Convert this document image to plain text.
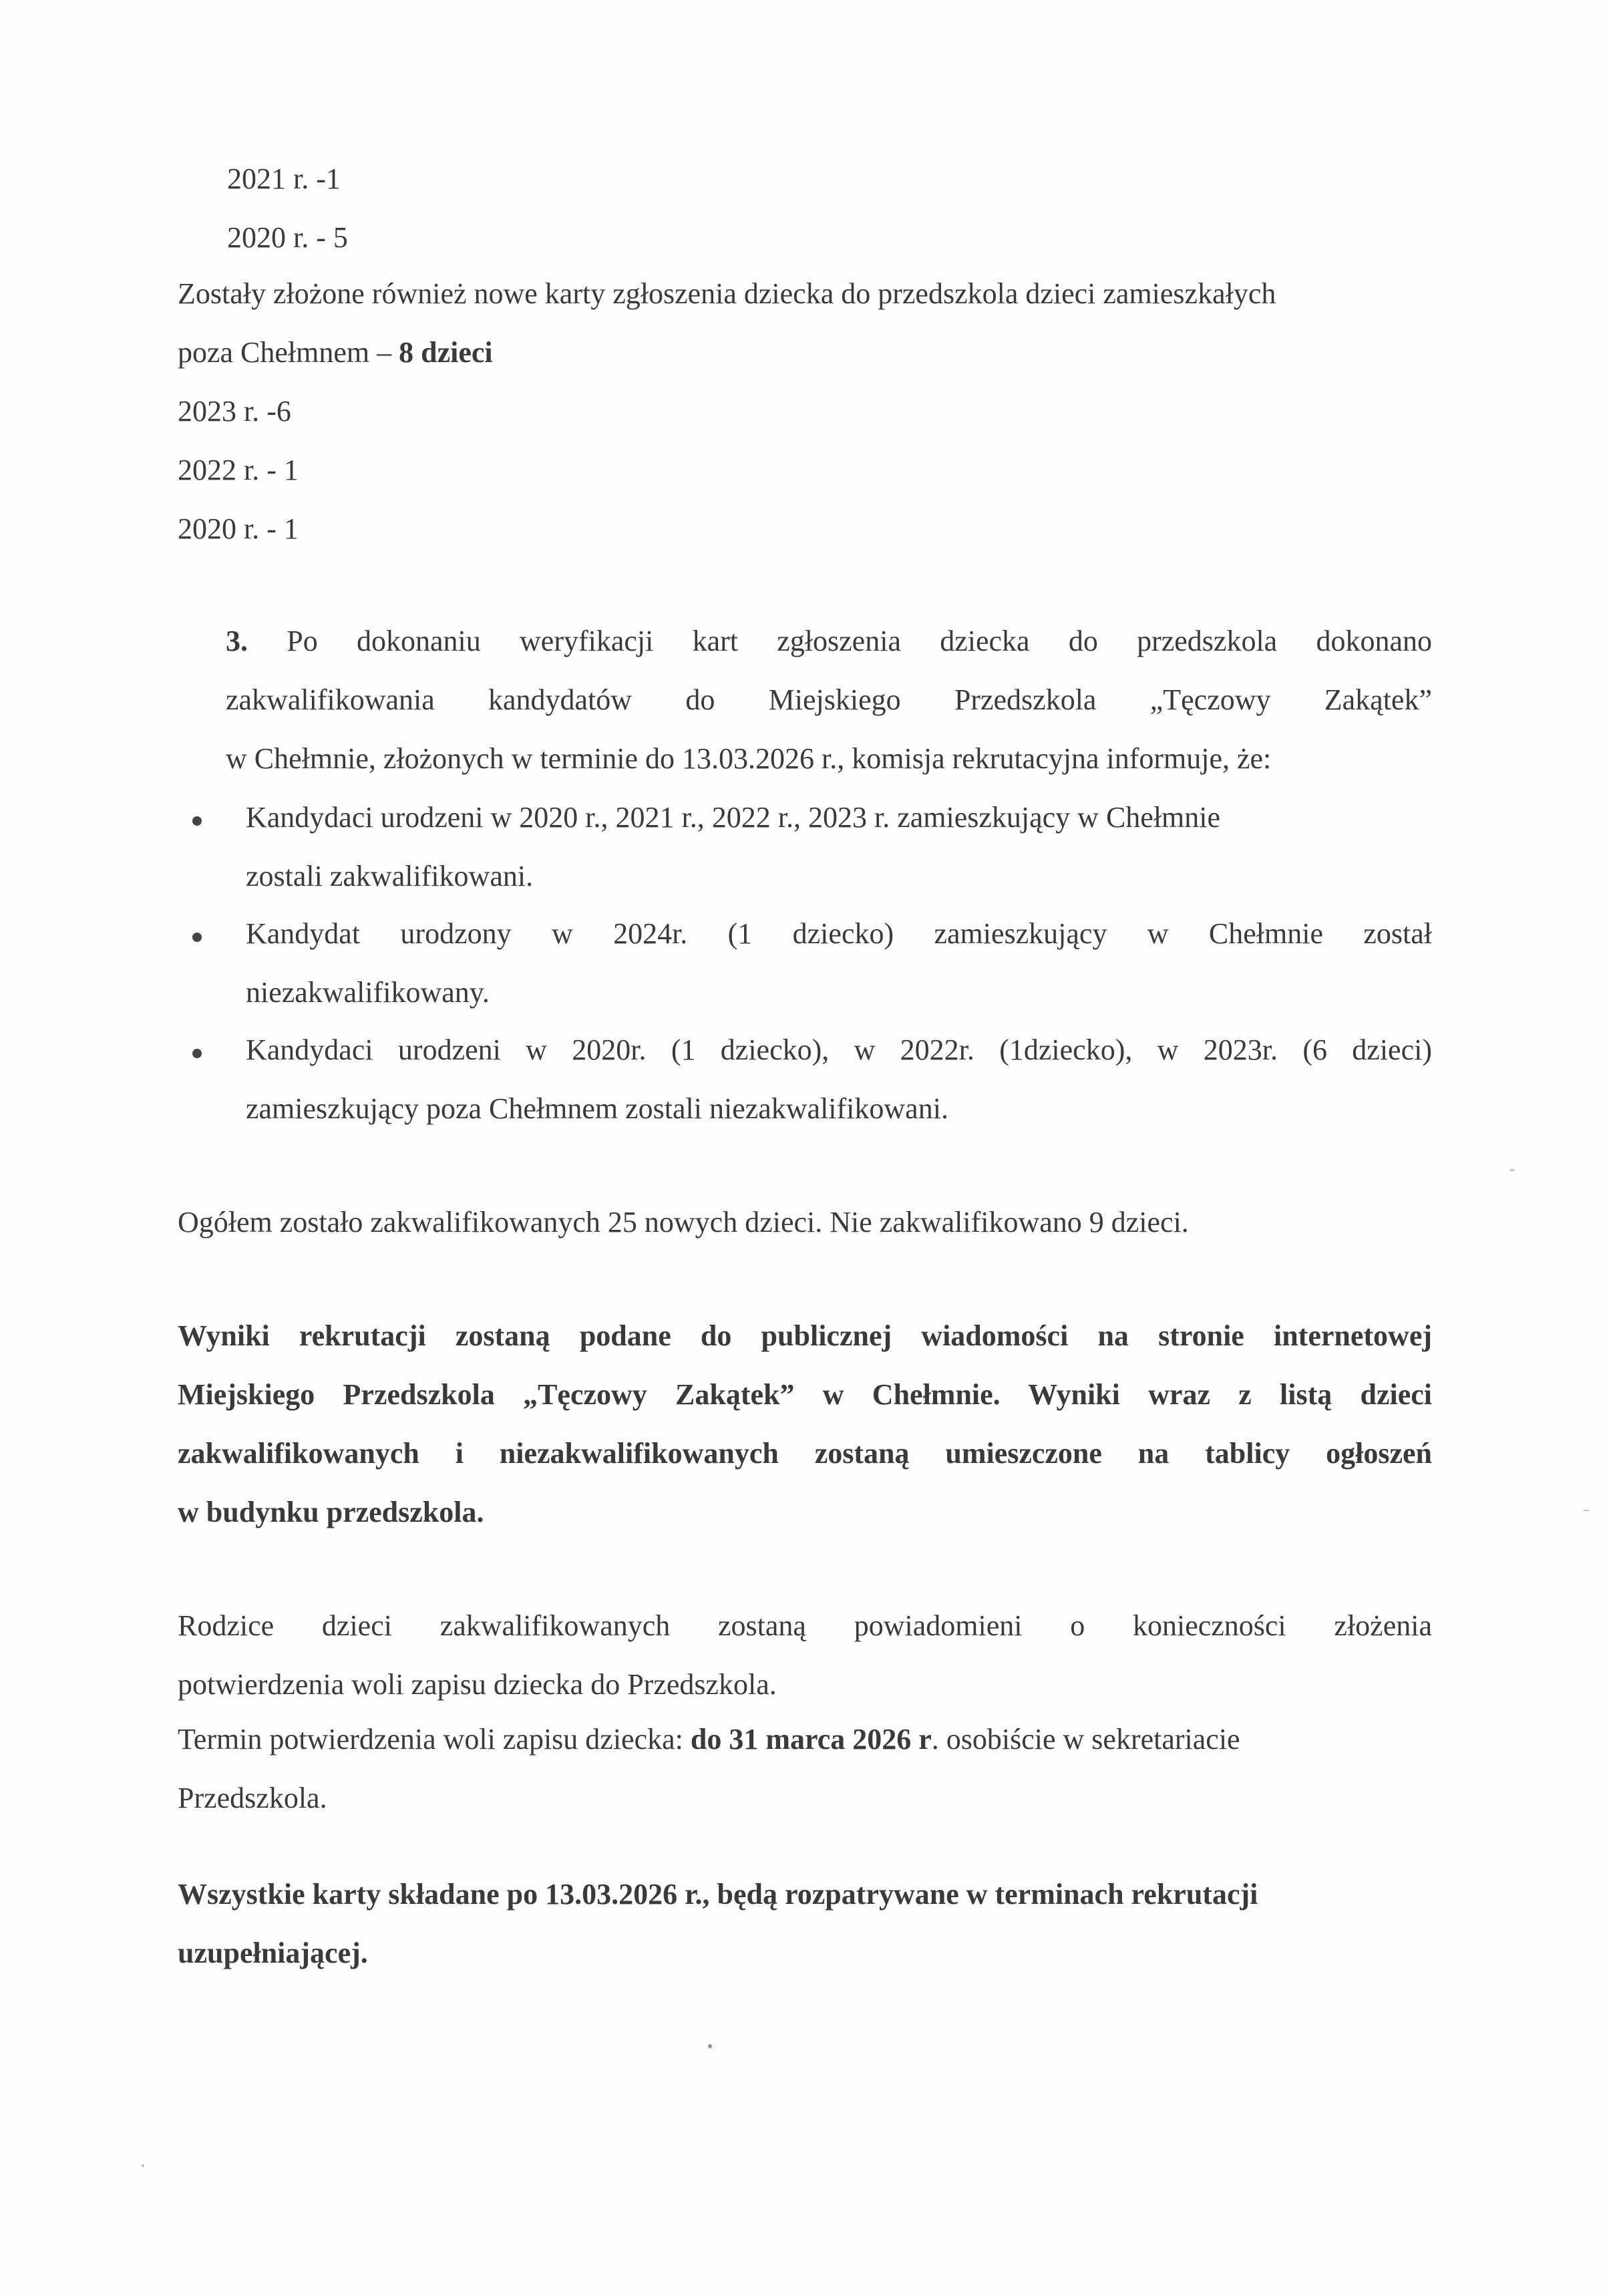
2021 r. -1
2020 r. - 5
Zostały złożone również nowe karty zgłoszenia dziecka do przedszkola dzieci zamieszkałych
poza Chełmnem – 8 dzieci
2023 r. -6
2022 r. - 1
2020 r. - 1
3. Po dokonaniu weryfikacji kart zgłoszenia dziecka do przedszkola dokonano
zakwalifikowania kandydatów do Miejskiego Przedszkola „Tęczowy Zakątek”
w Chełmnie, złożonych w terminie do 13.03.2026 r., komisja rekrutacyjna informuje, że:
Kandydaci urodzeni w 2020 r., 2021 r., 2022 r., 2023 r. zamieszkujący w Chełmnie
zostali zakwalifikowani.
Kandydat urodzony w 2024r. (1 dziecko) zamieszkujący w Chełmnie został
niezakwalifikowany.
Kandydaci urodzeni w 2020r. (1 dziecko), w 2022r. (1dziecko), w 2023r. (6 dzieci)
zamieszkujący poza Chełmnem zostali niezakwalifikowani.
Ogółem zostało zakwalifikowanych 25 nowych dzieci. Nie zakwalifikowano 9 dzieci.
Wyniki rekrutacji zostaną podane do publicznej wiadomości na stronie internetowej
Miejskiego Przedszkola „Tęczowy Zakątek” w Chełmnie. Wyniki wraz z listą dzieci
zakwalifikowanych i niezakwalifikowanych zostaną umieszczone na tablicy ogłoszeń
w budynku przedszkola.
Rodzice dzieci zakwalifikowanych zostaną powiadomieni o konieczności złożenia
potwierdzenia woli zapisu dziecka do Przedszkola.
Termin potwierdzenia woli zapisu dziecka: do 31 marca 2026 r. osobiście w sekretariacie
Przedszkola.
Wszystkie karty składane po 13.03.2026 r., będą rozpatrywane w terminach rekrutacji
uzupełniającej.
